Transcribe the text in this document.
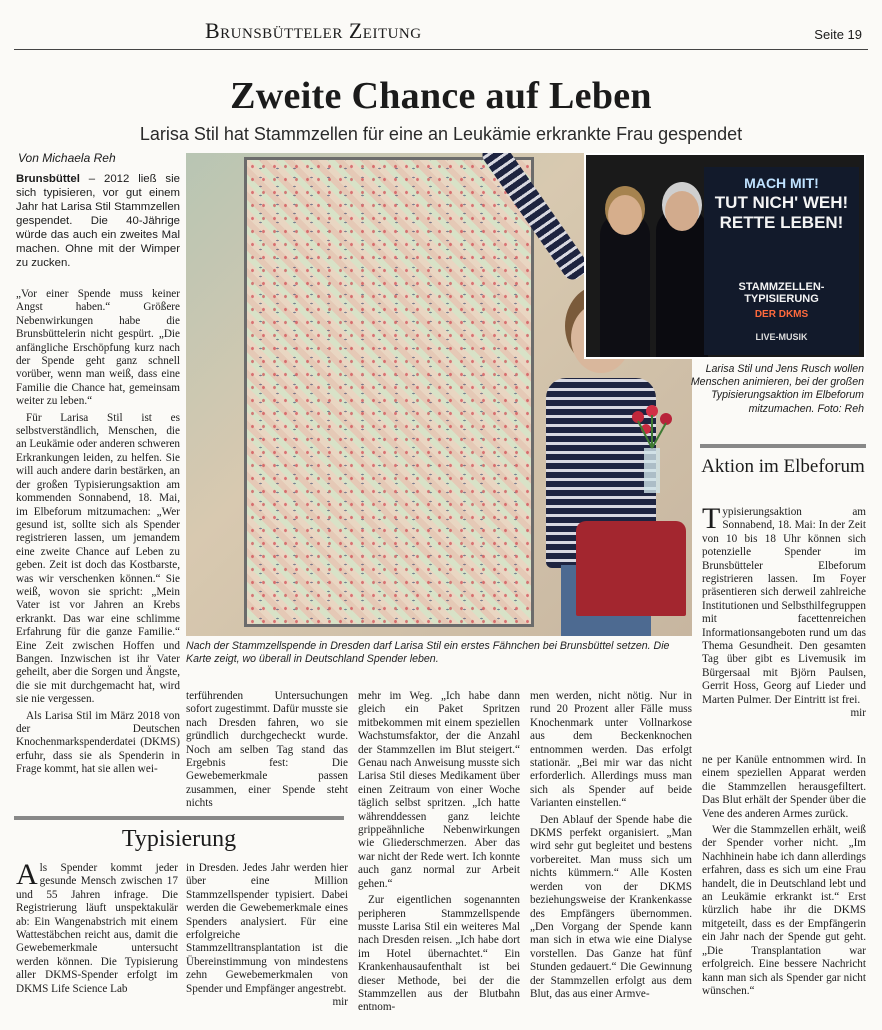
Brunsbütteler Zeitung	Seite 19
Zweite Chance auf Leben
Larisa Stil hat Stammzellen für eine an Leukämie erkrankte Frau gespendet
Von Michaela Reh

Brunsbüttel – 2012 ließ sie sich typisieren, vor gut einem Jahr hat Larisa Stil Stammzellen gespendet. Die 40-Jährige würde das auch ein zweites Mal machen. Ohne mit der Wimper zu zucken.

„Vor einer Spende muss keiner Angst haben.“ Größere Nebenwirkungen habe die Brunsbüttelerin nicht gespürt. „Die anfängliche Erschöpfung kurz nach der Spende geht ganz schnell vorüber, wenn man weiß, dass eine Familie die Chance hat, gemeinsam weiter zu leben.“

Für Larisa Stil ist es selbstverständlich, Menschen, die an Leukämie oder anderen schweren Erkrankungen leiden, zu helfen. Sie will auch andere darin bestärken, an der großen Typisierungsaktion am kommenden Sonnabend, 18. Mai, im Elbeforum mitzumachen: „Wer gesund ist, sollte sich als Spender registrieren lassen, um jemandem eine zweite Chance auf Leben zu geben. Zeit ist doch das Kostbarste, was wir verschenken können.“ Sie weiß, wovon sie spricht: „Mein Vater ist vor Jahren an Krebs erkrankt. Das war eine schlimme Erfahrung für die ganze Familie.“ Eine Zeit zwischen Hoffen und Bangen. Inzwischen ist ihr Vater geheilt, aber die Sorgen und Ängste, die sie mit durchgemacht hat, wird sie nie vergessen.

Als Larisa Stil im März 2018 von der Deutschen Knochenmarkspenderdatei (DKMS) erfuhr, dass sie als Spenderin in Frage kommt, hat sie allen wei-

Nach der Stammzellspende in Dresden darf Larisa Stil ein erstes Fähnchen bei Brunsbüttel setzen. Die Karte zeigt, wo überall in Deutschland Spender leben.
MACH MIT!
TUT NICH' WEH!
RETTE LEBEN!
STAMMZELLEN-TYPISIERUNG
DER DKMS
LIVE-MUSIK
Larisa Stil und Jens Rusch wollen Menschen animieren, bei der großen Typisierungsaktion im Elbeforum mitzumachen. Foto: Reh
Aktion im Elbeforum
Typisierungsaktion am Sonnabend, 18. Mai: In der Zeit von 10 bis 18 Uhr können sich potenzielle Spender im Brunsbütteler Elbeforum registrieren lassen. Im Foyer präsentieren sich derweil zahlreiche Institutionen und Selbsthilfegruppen mit facettenreichen Informationsangeboten rund um das Thema Gesundheit. Den gesamten Tag über gibt es Livemusik im Bürgersaal mit Björn Paulsen, Gerrit Hoss, Georg auf Lieder und Marten Pulmer. Der Eintritt ist frei.
mir

terführenden Untersuchungen sofort zugestimmt. Dafür musste sie nach Dresden fahren, wo sie gründlich durchgecheckt wurde. Noch am selben Tag stand das Ergebnis fest: Die Gewebemerkmale passen zusammen, einer Spende steht nichts

mehr im Weg. „Ich habe dann gleich ein Paket Spritzen mitbekommen mit einem speziellen Wachstumsfaktor, der die Anzahl der Stammzellen im Blut steigert.“ Genau nach Anweisung musste sich Larisa Stil dieses Medikament über einen Zeitraum von einer Woche täglich selbst spritzen. „Ich hatte währenddessen ganz leichte grippeähnliche Nebenwirkungen wie Gliederschmerzen. Aber das war nicht der Rede wert. Ich konnte auch ganz normal zur Arbeit gehen.“

Zur eigentlichen sogenannten peripheren Stammzellspende musste Larisa Stil ein weiteres Mal nach Dresden reisen. „Ich habe dort im Hotel übernachtet.“ Ein Krankenhausaufenthalt ist bei dieser Methode, bei der die Stammzellen aus der Blutbahn entnom-

men werden, nicht nötig. Nur in rund 20 Prozent aller Fälle muss Knochenmark unter Vollnarkose aus dem Beckenknochen entnommen werden. Das erfolgt stationär. „Bei mir war das nicht erforderlich. Allerdings muss man sich als Spender auf beide Varianten einstellen.“

Den Ablauf der Spende habe die DKMS perfekt organisiert. „Man wird sehr gut begleitet und bestens vorbereitet. Man muss sich um nichts kümmern.“ Alle Kosten werden von der DKMS beziehungsweise der Krankenkasse des Empfängers übernommen. „Den Vorgang der Spende kann man sich in etwa wie eine Dialyse vorstellen. Das Ganze hat fünf Stunden gedauert.“ Die Gewinnung der Stammzellen erfolgt aus dem Blut, das aus einer Armve-

ne per Kanüle entnommen wird. In einem speziellen Apparat werden die Stammzellen herausgefiltert. Das Blut erhält der Spender über die Vene des anderen Armes zurück.

Wer die Stammzellen erhält, weiß der Spender vorher nicht. „Im Nachhinein habe ich dann allerdings erfahren, dass es sich um eine Frau handelt, die in Deutschland lebt und an Leukämie erkrankt ist.“ Erst kürzlich habe ihr die DKMS mitgeteilt, dass es der Empfängerin ein Jahr nach der Spende gut geht. „Die Transplantation war erfolgreich. Eine bessere Nachricht kann man sich als Spender gar nicht wünschen.“

Typisierung
Als Spender kommt jeder gesunde Mensch zwischen 17 und 55 Jahren infrage. Die Registrierung läuft unspektakulär ab: Ein Wangenabstrich mit einem Wattestäbchen reicht aus, damit die Gewebemerkmale untersucht werden können. Die Typisierung aller DKMS-Spender erfolgt im DKMS Life Science Lab
in Dresden. Jedes Jahr werden hier über eine Million Stammzellspender typisiert. Dabei werden die Gewebemerkmale eines Spenders analysiert. Für eine erfolgreiche Stammzelltransplantation ist die Übereinstimmung von mindestens zehn Gewebemerkmalen von Spender und Empfänger angestrebt.
mir
